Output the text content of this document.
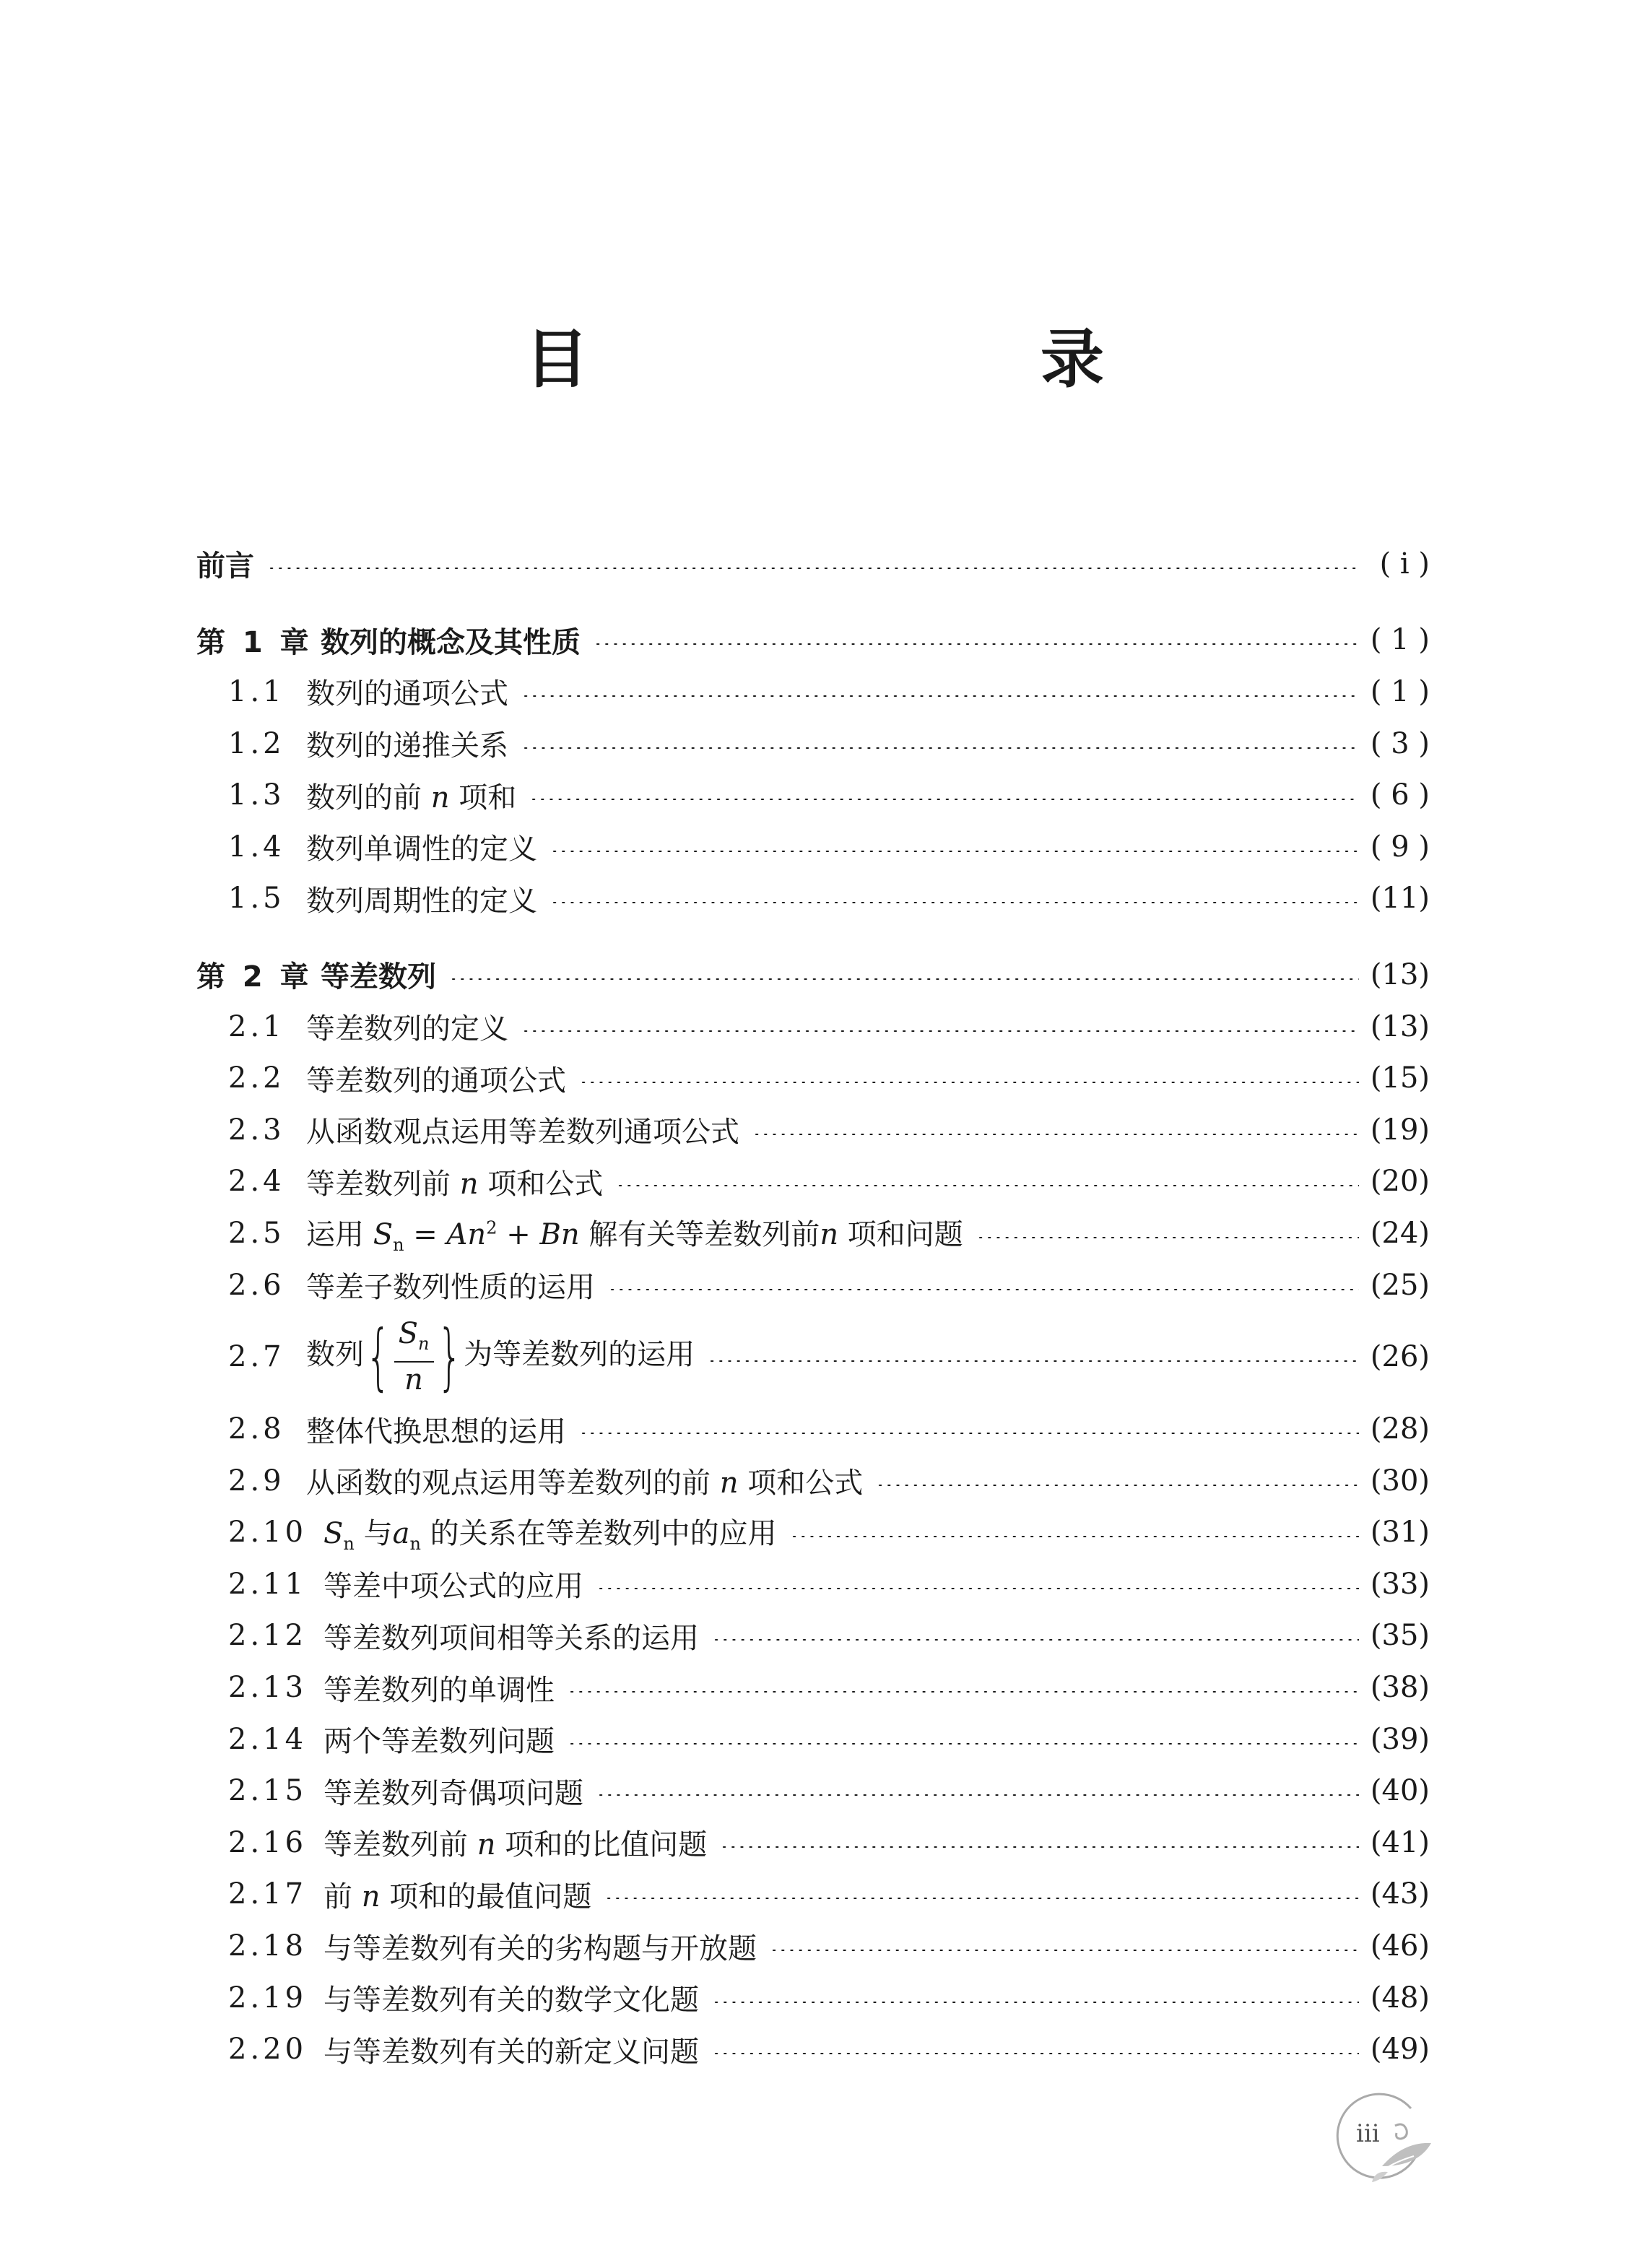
目　　录
前言	( ⅰ )
第 1 章 数列的概念及其性质	( 1 )
1.1 数列的通项公式	( 1 )
1.2 数列的递推关系	( 3 )
1.3 数列的前 n 项和	( 6 )
1.4 数列单调性的定义	( 9 )
1.5 数列周期性的定义	(11)
第 2 章 等差数列	(13)
2.1 等差数列的定义	(13)
2.2 等差数列的通项公式	(15)
2.3 从函数观点运用等差数列通项公式	(19)
2.4 等差数列前 n 项和公式	(20)
2.5 运用 $S_n = An^2 + Bn$ 解有关等差数列前n 项和问题	(24)
2.6 等差子数列性质的运用	(25)
2.7 数列{ $\frac{S_n}{n}$ }为等差数列的运用	(26)
2.8 整体代换思想的运用	(28)
2.9 从函数的观点运用等差数列的前 n 项和公式	(30)
2.10 $S_n$ 与$a_n$ 的关系在等差数列中的应用	(31)
2.11 等差中项公式的应用	(33)
2.12 等差数列项间相等关系的运用	(35)
2.13 等差数列的单调性	(38)
2.14 两个等差数列问题	(39)
2.15 等差数列奇偶项问题	(40)
2.16 等差数列前 n 项和的比值问题	(41)
2.17 前 n 项和的最值问题	(43)
2.18 与等差数列有关的劣构题与开放题	(46)
2.19 与等差数列有关的数学文化题	(48)
2.20 与等差数列有关的新定义问题	(49)
iii
